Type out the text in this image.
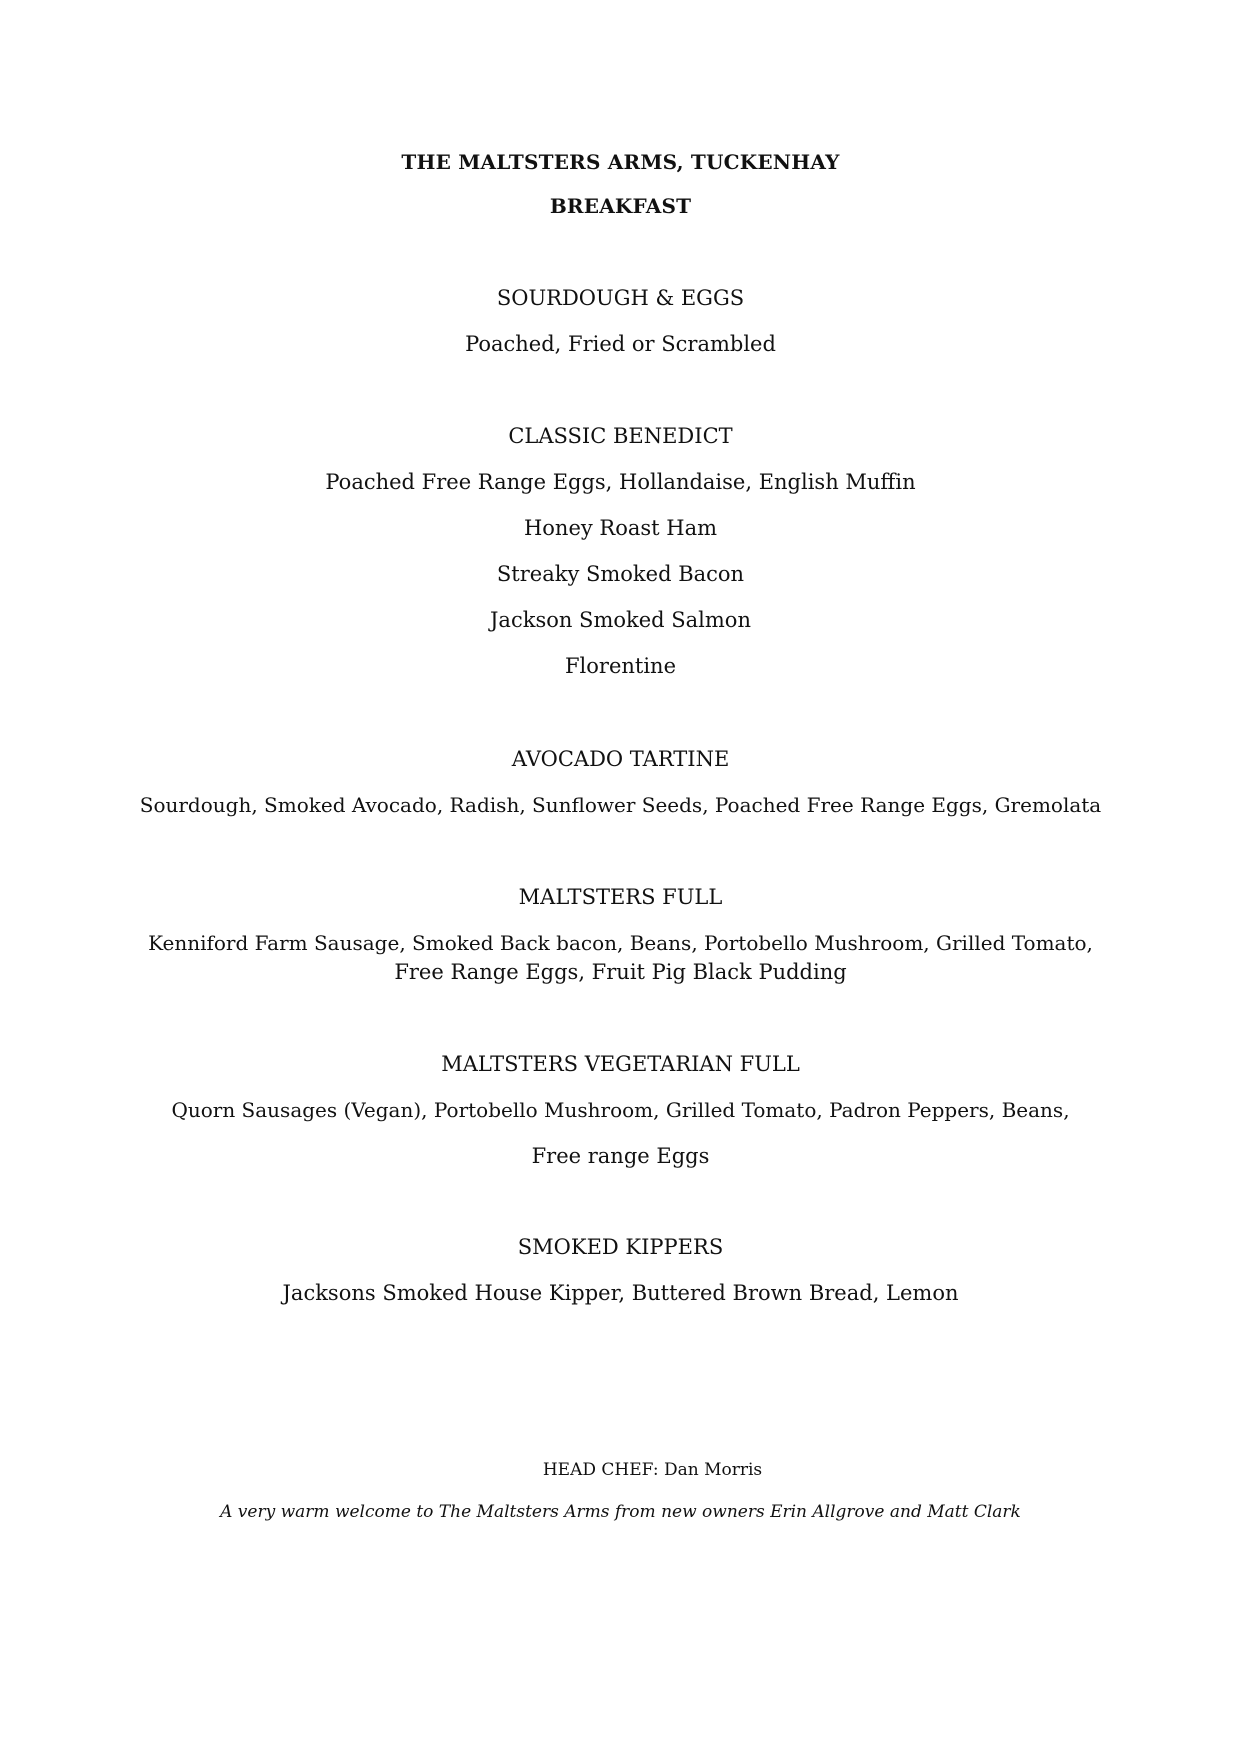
THE MALTSTERS ARMS, TUCKENHAY
BREAKFAST
SOURDOUGH & EGGS
Poached, Fried or Scrambled
CLASSIC BENEDICT
Poached Free Range Eggs, Hollandaise, English Muffin
Honey Roast Ham
Streaky Smoked Bacon
Jackson Smoked Salmon
Florentine
AVOCADO TARTINE
Sourdough, Smoked Avocado, Radish, Sunflower Seeds, Poached Free Range Eggs, Gremolata
MALTSTERS FULL
Kenniford Farm Sausage, Smoked Back bacon, Beans, Portobello Mushroom, Grilled Tomato,
Free Range Eggs, Fruit Pig Black Pudding
MALTSTERS VEGETARIAN FULL
Quorn Sausages (Vegan), Portobello Mushroom, Grilled Tomato, Padron Peppers, Beans,
Free range Eggs
SMOKED KIPPERS
Jacksons Smoked House Kipper, Buttered Brown Bread, Lemon
HEAD CHEF: Dan Morris
A very warm welcome to The Maltsters Arms from new owners Erin Allgrove and Matt Clark
